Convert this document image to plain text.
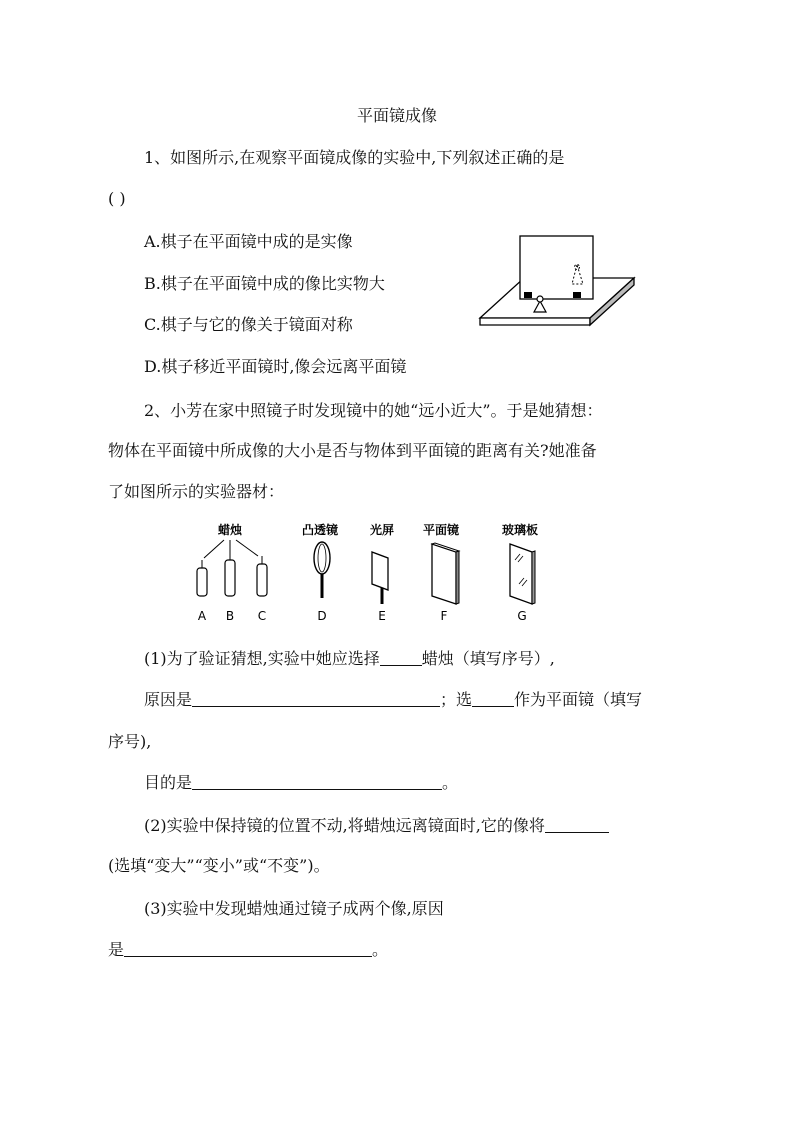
平面镜成像
1、如图所示,在观察平面镜成像的实验中,下列叙述正确的是
( )
A.棋子在平面镜中成的是实像
B.棋子在平面镜中成的像比实物大
C.棋子与它的像关于镜面对称
D.棋子移近平面镜时,像会远离平面镜
2、小芳在家中照镜子时发现镜中的她“远小近大”。于是她猜想：
物体在平面镜中所成像的大小是否与物体到平面镜的距离有关?她准备
了如图所示的实验器材：
蜡烛	凸透镜	光屏 平面镜	玻璃板
A B C	D	E	F	G
(1)为了验证猜想,实验中她应选择	蜡烛（填写序号）,
原因是	；选	作为平面镜（填写
序号),
目的是	。
(2)实验中保持镜的位置不动,将蜡烛远离镜面时,它的像将
(选填“变大”“变小”或“不变”)。
(3)实验中发现蜡烛通过镜子成两个像,原因
是	。
